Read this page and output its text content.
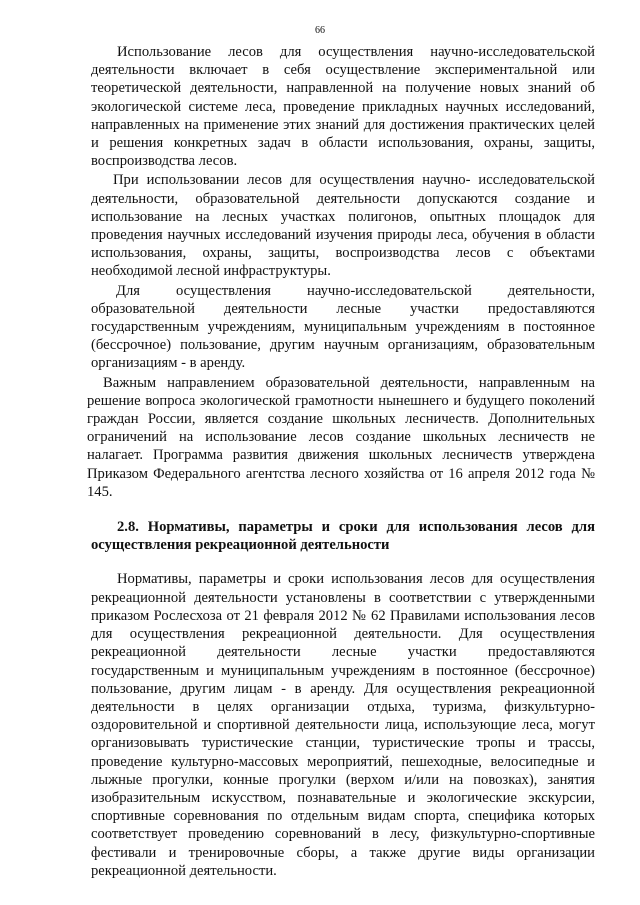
66

Использование лесов для осуществления научно-исследовательской деятельности включает в себя осуществление экспериментальной или теоретической деятельности, направленной на получение новых знаний об экологической системе леса, проведение прикладных научных исследований, направленных на применение этих знаний для достижения практических целей и решения конкретных задач в области использования, охраны, защиты, воспроизводства лесов.

При использовании лесов для осуществления научно- исследовательской деятельности, образовательной деятельности допускаются создание и использование на лесных участках полигонов, опытных площадок для проведения научных исследований изучения природы леса, обучения в области использования, охраны, защиты, воспроизводства лесов с объектами необходимой лесной инфраструктуры.

Для осуществления научно-исследовательской деятельности, образовательной деятельности лесные участки предоставляются государственным учреждениям, муниципальным учреждениям в постоянное (бессрочное) пользование, другим научным организациям, образовательным организациям - в аренду.

Важным направлением образовательной деятельности, направленным на решение вопроса экологической грамотности нынешнего и будущего поколений граждан России, является создание школьных лесничеств. Дополнительных ограничений на использование лесов создание школьных лесничеств не налагает. Программа развития движения школьных лесничеств утверждена Приказом Федерального агентства лесного хозяйства от 16 апреля 2012 года № 145.

2.8. Нормативы, параметры и сроки для использования лесов для осуществления рекреационной деятельности

Нормативы, параметры и сроки использования лесов для осуществления рекреационной деятельности установлены в соответствии с утвержденными приказом Рослесхоза от 21 февраля 2012 № 62 Правилами использования лесов для осуществления рекреационной деятельности. Для осуществления рекреационной деятельности лесные участки предоставляются государственным и муниципальным учреждениям в постоянное (бессрочное) пользование, другим лицам - в аренду. Для осуществления рекреационной деятельности в целях организации отдыха, туризма, физкультурно-оздоровительной и спортивной деятельности лица, использующие леса, могут организовывать туристические станции, туристические тропы и трассы, проведение культурно-массовых мероприятий, пешеходные, велосипедные и лыжные прогулки, конные прогулки (верхом и/или на повозках), занятия изобразительным искусством, познавательные и экологические экскурсии, спортивные соревнования по отдельным видам спорта, специфика которых соответствует проведению соревнований в лесу, физкультурно-спортивные фестивали и тренировочные сборы, а также другие виды организации рекреационной деятельности.
